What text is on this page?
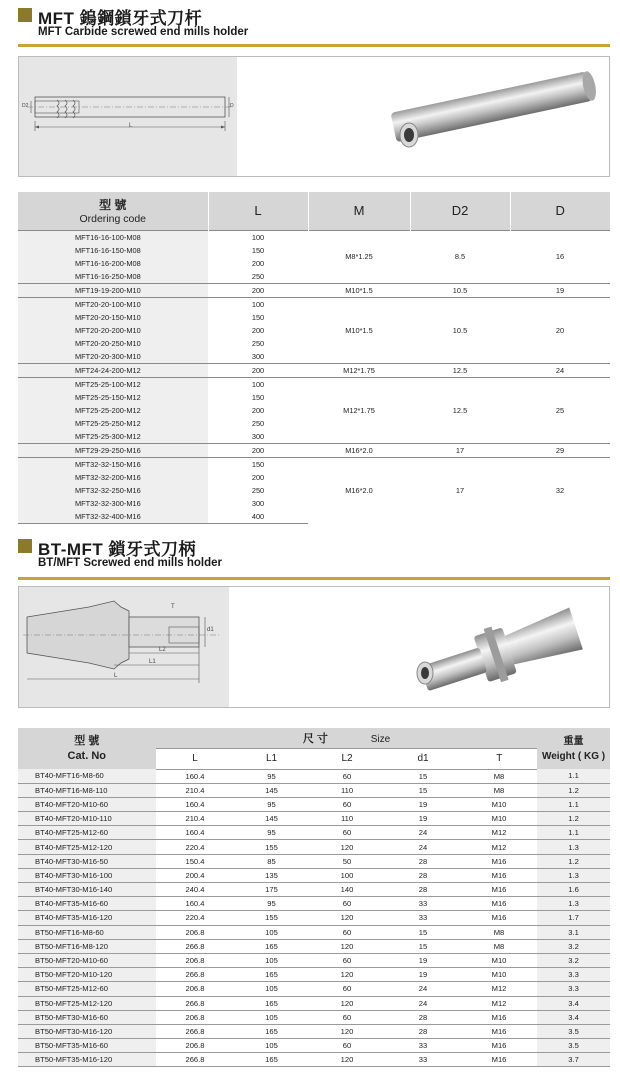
MFT 鎢鋼鎖牙式刀杆
MFT Carbide screwed end mills holder
L
D2	D
型 號
Ordering code	L	M	D2	D
MFT16-16-100-M08	100	M8*1.25	8.5	16
MFT16-16-150-M08	150			
MFT16-16-200-M08	200			
MFT16-16-250-M08	250			
MFT19-19-200-M10	200	M10*1.5	10.5	19
MFT20-20-100-M10	100	M10*1.5	10.5	20
MFT20-20-150-M10	150			
MFT20-20-200-M10	200			
MFT20-20-250-M10	250			
MFT20-20-300-M10	300			
MFT24-24-200-M12	200	M12*1.75	12.5	24
MFT25-25-100-M12	100	M12*1.75	12.5	25
MFT25-25-150-M12	150			
MFT25-25-200-M12	200			
MFT25-25-250-M12	250			
MFT25-25-300-M12	300			
MFT29-29-250-M16	200	M16*2.0	17	29
MFT32-32-150-M16	150	M16*2.0	17	32
MFT32-32-200-M16	200			
MFT32-32-250-M16	250			
MFT32-32-300-M16	300			
MFT32-32-400-M16	400			
BT-MFT 鎖牙式刀柄
BT/MFT Screwed end mills holder
T
d1
L2
L1
L
型 號
Cat. No	尺 寸 Size					重量
Weight ( KG )
	L	L1	L2	d1	T	
BT40-MFT16-M8-60	160.4	95	60	15	M8	1.1
BT40-MFT16-M8-110	210.4	145	110	15	M8	1.2
BT40-MFT20-M10-60	160.4	95	60	19	M10	1.1
BT40-MFT20-M10-110	210.4	145	110	19	M10	1.2
BT40-MFT25-M12-60	160.4	95	60	24	M12	1.1
BT40-MFT25-M12-120	220.4	155	120	24	M12	1.3
BT40-MFT30-M16-50	150.4	85	50	28	M16	1.2
BT40-MFT30-M16-100	200.4	135	100	28	M16	1.3
BT40-MFT30-M16-140	240.4	175	140	28	M16	1.6
BT40-MFT35-M16-60	160.4	95	60	33	M16	1.3
BT40-MFT35-M16-120	220.4	155	120	33	M16	1.7
BT50-MFT16-M8-60	206.8	105	60	15	M8	3.1
BT50-MFT16-M8-120	266.8	165	120	15	M8	3.2
BT50-MFT20-M10-60	206.8	105	60	19	M10	3.2
BT50-MFT20-M10-120	266.8	165	120	19	M10	3.3
BT50-MFT25-M12-60	206.8	105	60	24	M12	3.3
BT50-MFT25-M12-120	266.8	165	120	24	M12	3.4
BT50-MFT30-M16-60	206.8	105	60	28	M16	3.4
BT50-MFT30-M16-120	266.8	165	120	28	M16	3.5
BT50-MFT35-M16-60	206.8	105	60	33	M16	3.5
BT50-MFT35-M16-120	266.8	165	120	33	M16	3.7
